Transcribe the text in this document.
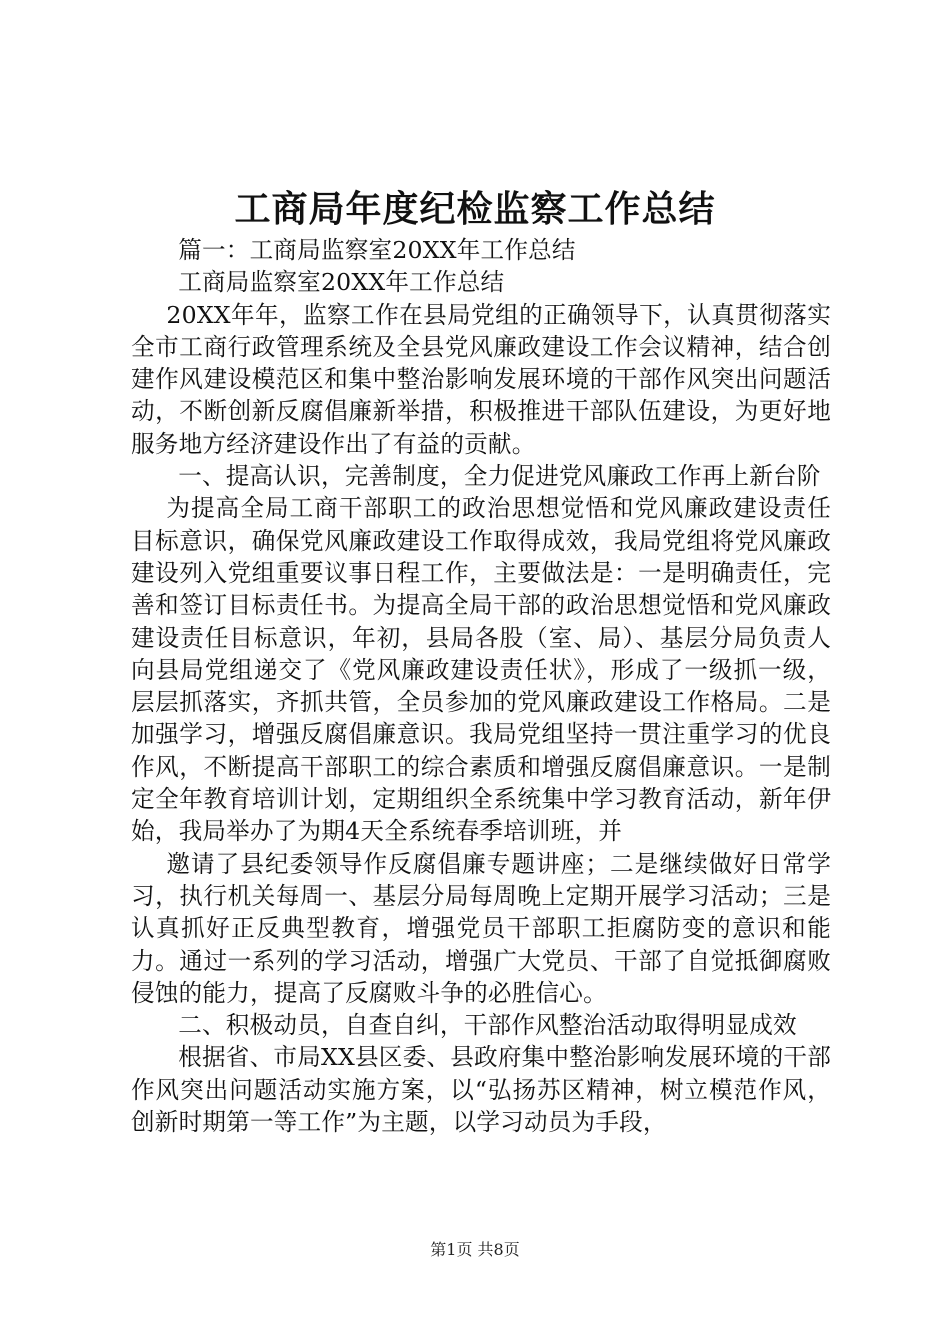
工商局年度纪检监察工作总结

篇一：工商局监察室20XX年工作总结

工商局监察室20XX年工作总结

20XX年年，监察工作在县局党组的正确领导下，认真贯彻落实全市工商行政管理系统及全县党风廉政建设工作会议精神，结合创建作风建设模范区和集中整治影响发展环境的干部作风突出问题活动，不断创新反腐倡廉新举措，积极推进干部队伍建设，为更好地服务地方经济建设作出了有益的贡献。

一、提高认识，完善制度，全力促进党风廉政工作再上新台阶

为提高全局工商干部职工的政治思想觉悟和党风廉政建设责任目标意识，确保党风廉政建设工作取得成效，我局党组将党风廉政建设列入党组重要议事日程工作，主要做法是：一是明确责任，完善和签订目标责任书。为提高全局干部的政治思想觉悟和党风廉政建设责任目标意识，年初，县局各股（室、局）、基层分局负责人向县局党组递交了《党风廉政建设责任状》，形成了一级抓一级，层层抓落实，齐抓共管，全员参加的党风廉政建设工作格局。二是加强学习，增强反腐倡廉意识。我局党组坚持一贯注重学习的优良作风，不断提高干部职工的综合素质和增强反腐倡廉意识。一是制定全年教育培训计划，定期组织全系统集中学习教育活动，新年伊始，我局举办了为期4天全系统春季培训班，并

邀请了县纪委领导作反腐倡廉专题讲座；二是继续做好日常学习，执行机关每周一、基层分局每周晚上定期开展学习活动；三是认真抓好正反典型教育，增强党员干部职工拒腐防变的意识和能力。通过一系列的学习活动，增强广大党员、干部了自觉抵御腐败侵蚀的能力，提高了反腐败斗争的必胜信心。

二、积极动员，自查自纠，干部作风整治活动取得明显成效

根据省、市局XX县区委、县政府集中整治影响发展环境的干部作风突出问题活动实施方案，以“弘扬苏区精神，树立模范作风，创新时期第一等工作”为主题，以学习动员为手段，

第1页 共8页
